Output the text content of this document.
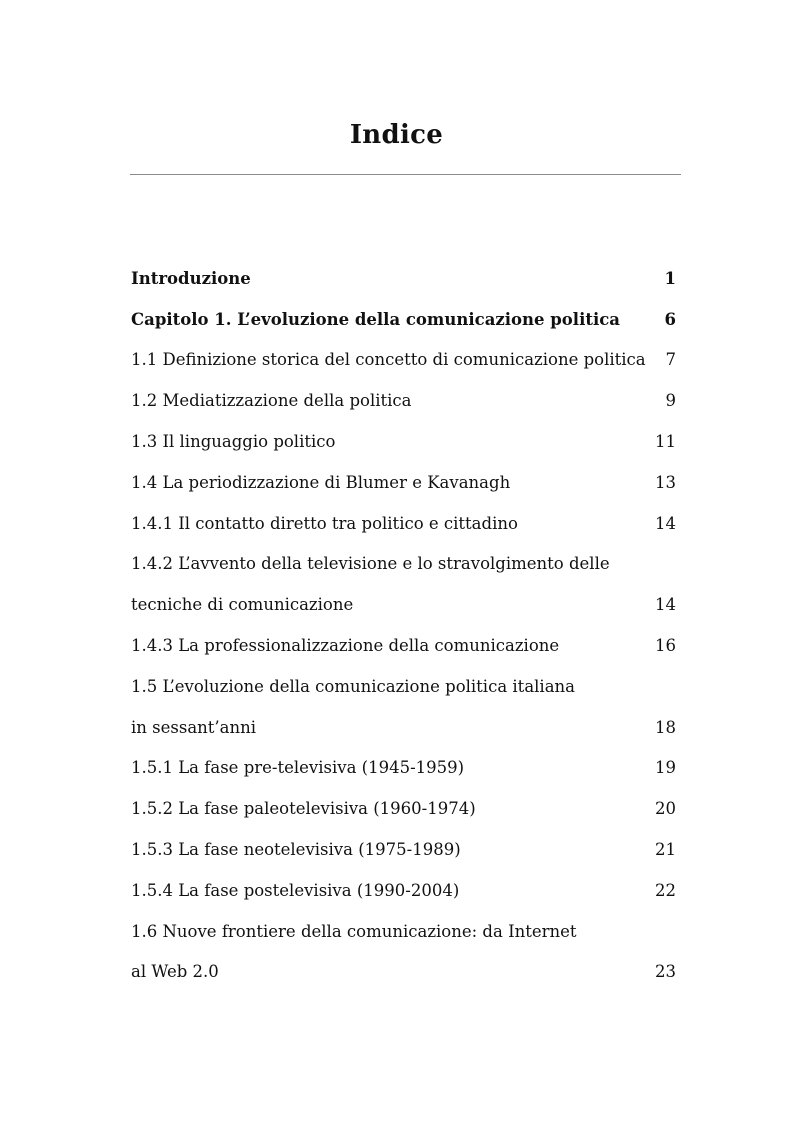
Indice
Introduzione	1
Capitolo 1. L’evoluzione della comunicazione politica	6
1.1 Definizione storica del concetto di comunicazione politica	7
1.2 Mediatizzazione della politica	9
1.3 Il linguaggio politico	11
1.4 La periodizzazione di Blumer e Kavanagh	13
1.4.1 Il contatto diretto tra politico e cittadino	14
1.4.2 L’avvento della televisione e lo stravolgimento delle
tecniche di comunicazione	14
1.4.3 La professionalizzazione della comunicazione	16
1.5 L’evoluzione della comunicazione politica italiana
in sessant’anni	18
1.5.1 La fase pre-televisiva (1945-1959)	19
1.5.2 La fase paleotelevisiva (1960-1974)	20
1.5.3 La fase neotelevisiva (1975-1989)	21
1.5.4 La fase postelevisiva (1990-2004)	22
1.6 Nuove frontiere della comunicazione: da Internet
al Web 2.0	23
